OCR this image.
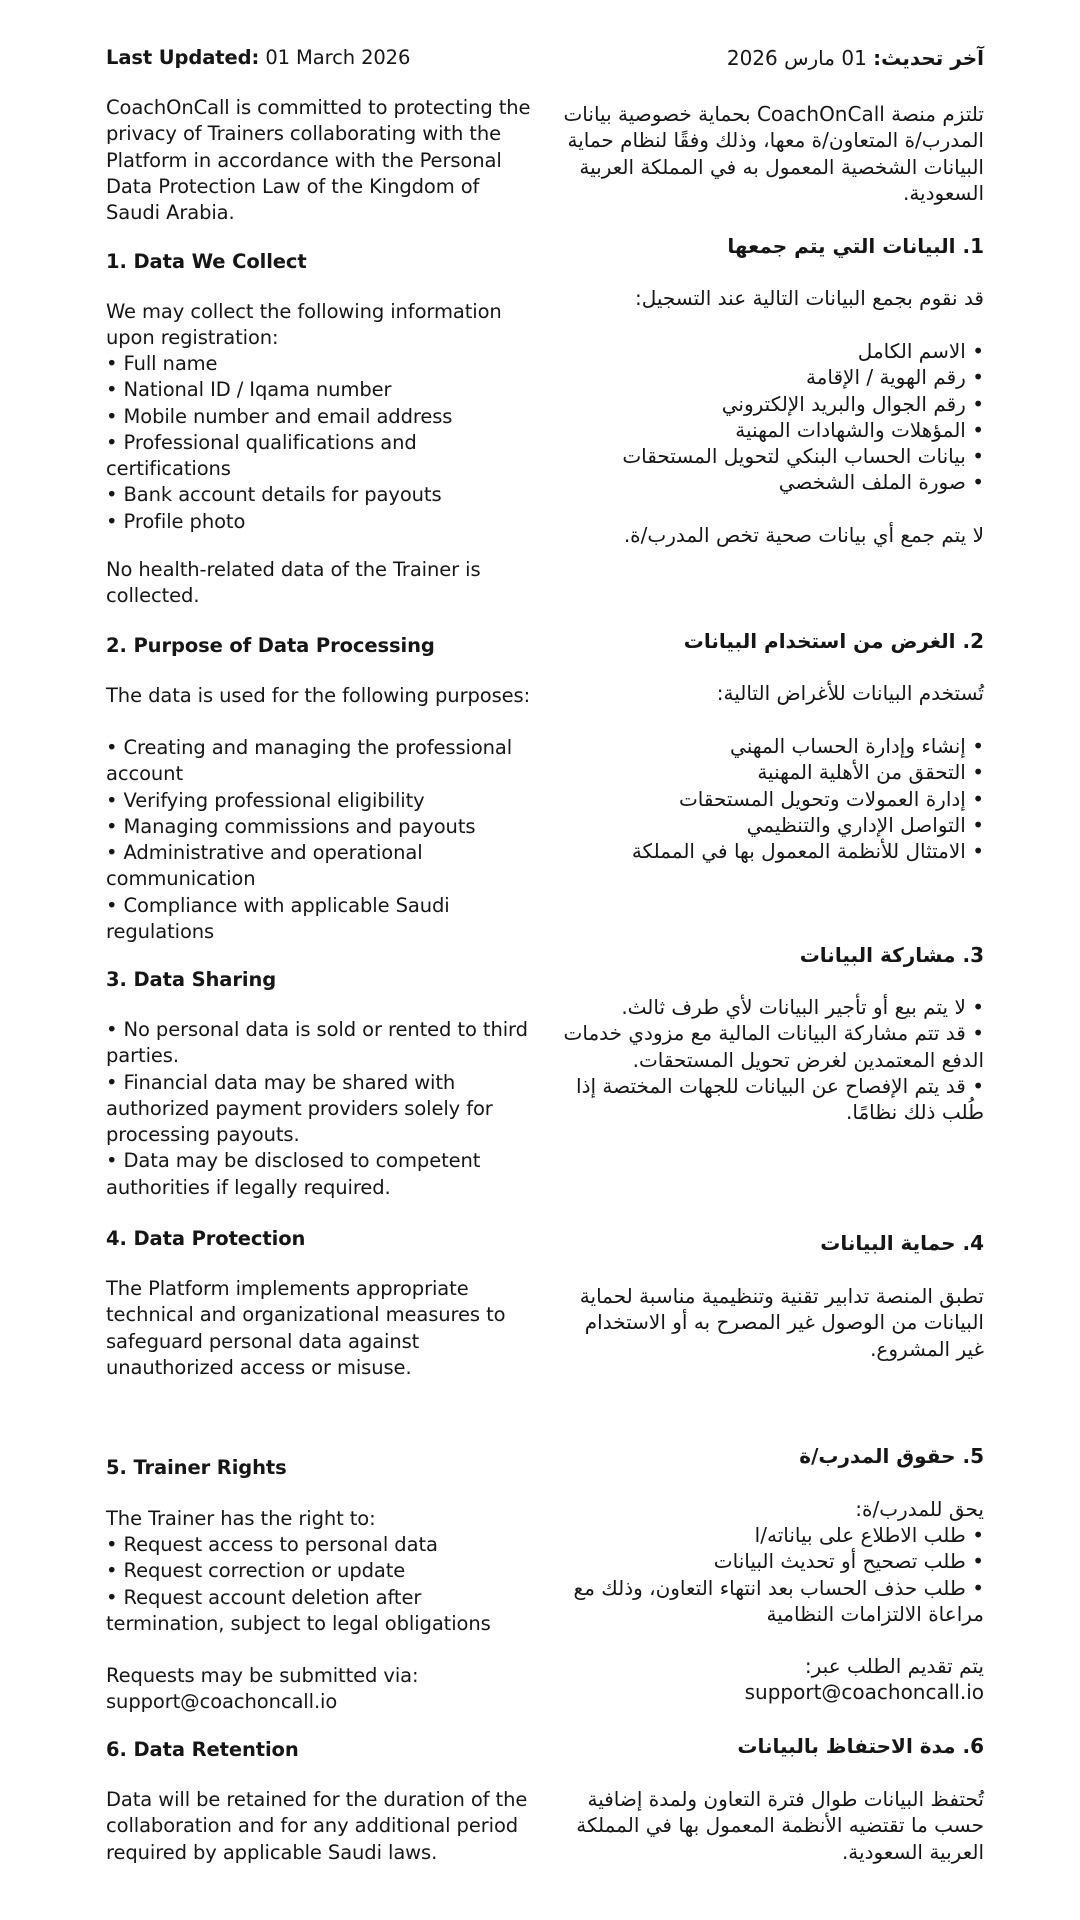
Last Updated: 01 March 2026

CoachOnCall is committed to protecting the privacy of Trainers collaborating with the Platform in accordance with the Personal Data Protection Law of the Kingdom of Saudi Arabia.

1. Data We Collect

We may collect the following information upon registration:

• Full name
• National ID / Iqama number
• Mobile number and email address
• Professional qualifications and certifications
• Bank account details for payouts
• Profile photo

No health-related data of the Trainer is collected.

2. Purpose of Data Processing

The data is used for the following purposes:

• Creating and managing the professional account
• Verifying professional eligibility
• Managing commissions and payouts
• Administrative and operational communication
• Compliance with applicable Saudi regulations

3. Data Sharing

• No personal data is sold or rented to third parties.
• Financial data may be shared with authorized payment providers solely for processing payouts.
• Data may be disclosed to competent authorities if legally required.

4. Data Protection

The Platform implements appropriate technical and organizational measures to safeguard personal data against unauthorized access or misuse.

5. Trainer Rights

The Trainer has the right to:

• Request access to personal data
• Request correction or update
• Request account deletion after termination, subject to legal obligations

Requests may be submitted via:

support@coachoncall.io

6. Data Retention

Data will be retained for the duration of the collaboration and for any additional period required by applicable Saudi laws.

آخر تحديث: 01 مارس 2026

تلتزم منصة CoachOnCall بحماية خصوصية بيانات المدرب/ة المتعاون/ة معها، وذلك وفقًا لنظام حماية البيانات الشخصية المعمول به في المملكة العربية السعودية.

1. البيانات التي يتم جمعها

قد نقوم بجمع البيانات التالية عند التسجيل:

• الاسم الكامل
• رقم الهوية / الإقامة
• رقم الجوال والبريد الإلكتروني
• المؤهلات والشهادات المهنية
• بيانات الحساب البنكي لتحويل المستحقات
• صورة الملف الشخصي

لا يتم جمع أي بيانات صحية تخص المدرب/ة.

2. الغرض من استخدام البيانات

تُستخدم البيانات للأغراض التالية:

• إنشاء وإدارة الحساب المهني
• التحقق من الأهلية المهنية
• إدارة العمولات وتحويل المستحقات
• التواصل الإداري والتنظيمي
• الامتثال للأنظمة المعمول بها في المملكة

3. مشاركة البيانات

• لا يتم بيع أو تأجير البيانات لأي طرف ثالث.
• قد تتم مشاركة البيانات المالية مع مزودي خدمات الدفع المعتمدين لغرض تحويل المستحقات.
• قد يتم الإفصاح عن البيانات للجهات المختصة إذا طُلب ذلك نظامًا.

4. حماية البيانات

تطبق المنصة تدابير تقنية وتنظيمية مناسبة لحماية البيانات من الوصول غير المصرح به أو الاستخدام غير المشروع.

5. حقوق المدرب/ة

يحق للمدرب/ة:

• طلب الاطلاع على بياناته/ا
• طلب تصحيح أو تحديث البيانات
• طلب حذف الحساب بعد انتهاء التعاون، وذلك مع مراعاة الالتزامات النظامية

يتم تقديم الطلب عبر:

support@coachoncall.io

6. مدة الاحتفاظ بالبيانات

تُحتفظ البيانات طوال فترة التعاون ولمدة إضافية حسب ما تقتضيه الأنظمة المعمول بها في المملكة العربية السعودية.
